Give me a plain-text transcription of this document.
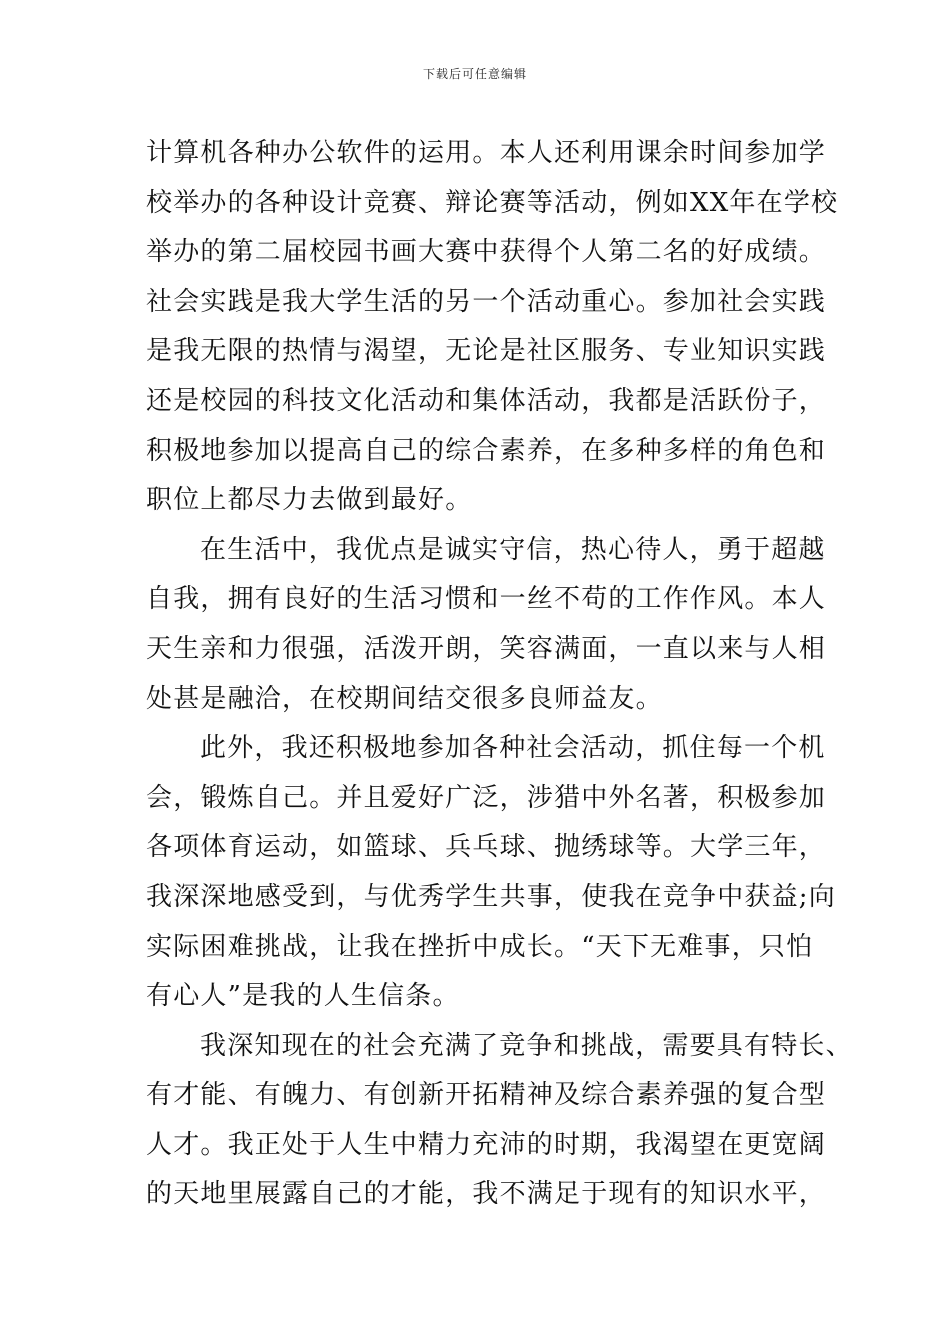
下载后可任意编辑
计算机各种办公软件的运用。本人还利用课余时间参加学
校举办的各种设计竞赛、辩论赛等活动，例如XX年在学校
举办的第二届校园书画大赛中获得个人第二名的好成绩。
社会实践是我大学生活的另一个活动重心。参加社会实践
是我无限的热情与渴望，无论是社区服务、专业知识实践
还是校园的科技文化活动和集体活动，我都是活跃份子，
积极地参加以提高自己的综合素养，在多种多样的角色和
职位上都尽力去做到最好。
在生活中，我优点是诚实守信，热心待人，勇于超越
自我，拥有良好的生活习惯和一丝不苟的工作作风。本人
天生亲和力很强，活泼开朗，笑容满面，一直以来与人相
处甚是融洽，在校期间结交很多良师益友。
此外，我还积极地参加各种社会活动，抓住每一个机
会，锻炼自己。并且爱好广泛，涉猎中外名著，积极参加
各项体育运动，如篮球、兵乓球、抛绣球等。大学三年，
我深深地感受到，与优秀学生共事，使我在竞争中获益;向
实际困难挑战，让我在挫折中成长。“天下无难事，只怕
有心人”是我的人生信条。
我深知现在的社会充满了竞争和挑战，需要具有特长、
有才能、有魄力、有创新开拓精神及综合素养强的复合型
人才。我正处于人生中精力充沛的时期，我渴望在更宽阔
的天地里展露自己的才能，我不满足于现有的知识水平，
